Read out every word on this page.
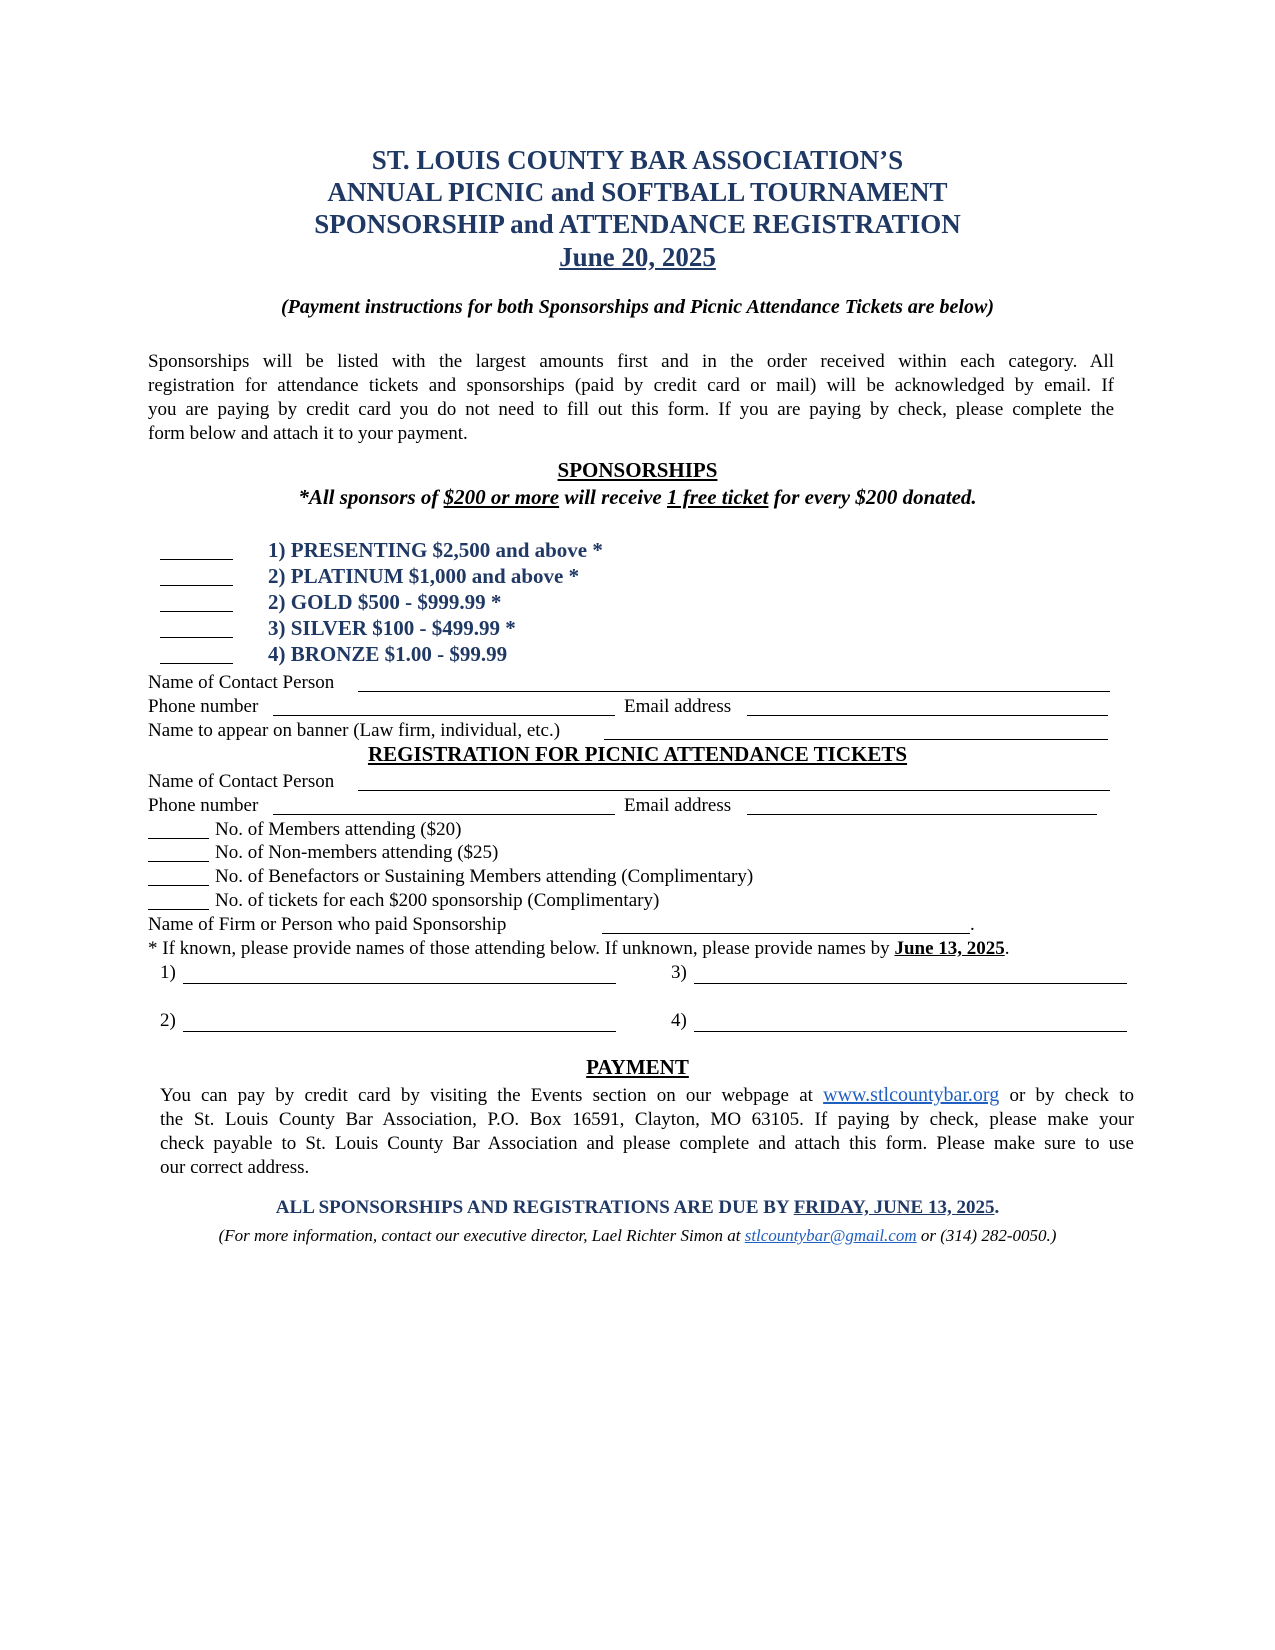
ST. LOUIS COUNTY BAR ASSOCIATION’S
ANNUAL PICNIC and SOFTBALL TOURNAMENT
SPONSORSHIP and ATTENDANCE REGISTRATION
June 20, 2025
(Payment instructions for both Sponsorships and Picnic Attendance Tickets are below)
Sponsorships will be listed with the largest amounts first and in the order received within each category. All
registration for attendance tickets and sponsorships (paid by credit card or mail) will be acknowledged by email. If
you are paying by credit card you do not need to fill out this form. If you are paying by check, please complete the
form below and attach it to your payment.
SPONSORSHIPS
*All sponsors of $200 or more will receive 1 free ticket for every $200 donated.
1) PRESENTING $2,500 and above *
2) PLATINUM $1,000 and above *
2) GOLD $500 - $999.99 *
3) SILVER $100 - $499.99 *
4) BRONZE $1.00 - $99.99
Name of Contact Person
Phone number	Email address
Name to appear on banner (Law firm, individual, etc.)
REGISTRATION FOR PICNIC ATTENDANCE TICKETS
Name of Contact Person
Phone number	Email address
No. of Members attending ($20)
No. of Non-members attending ($25)
No. of Benefactors or Sustaining Members attending (Complimentary)
No. of tickets for each $200 sponsorship (Complimentary)
Name of Firm or Person who paid Sponsorship	.
* If known, please provide names of those attending below. If unknown, please provide names by June 13, 2025.
1)	3)
2)	4)
PAYMENT
You can pay by credit card by visiting the Events section on our webpage at www.stlcountybar.org or by check to
the St. Louis County Bar Association, P.O. Box 16591, Clayton, MO 63105. If paying by check, please make your
check payable to St. Louis County Bar Association and please complete and attach this form. Please make sure to use
our correct address.
ALL SPONSORSHIPS AND REGISTRATIONS ARE DUE BY FRIDAY, JUNE 13, 2025.
(For more information, contact our executive director, Lael Richter Simon at stlcountybar@gmail.com or (314) 282-0050.)
